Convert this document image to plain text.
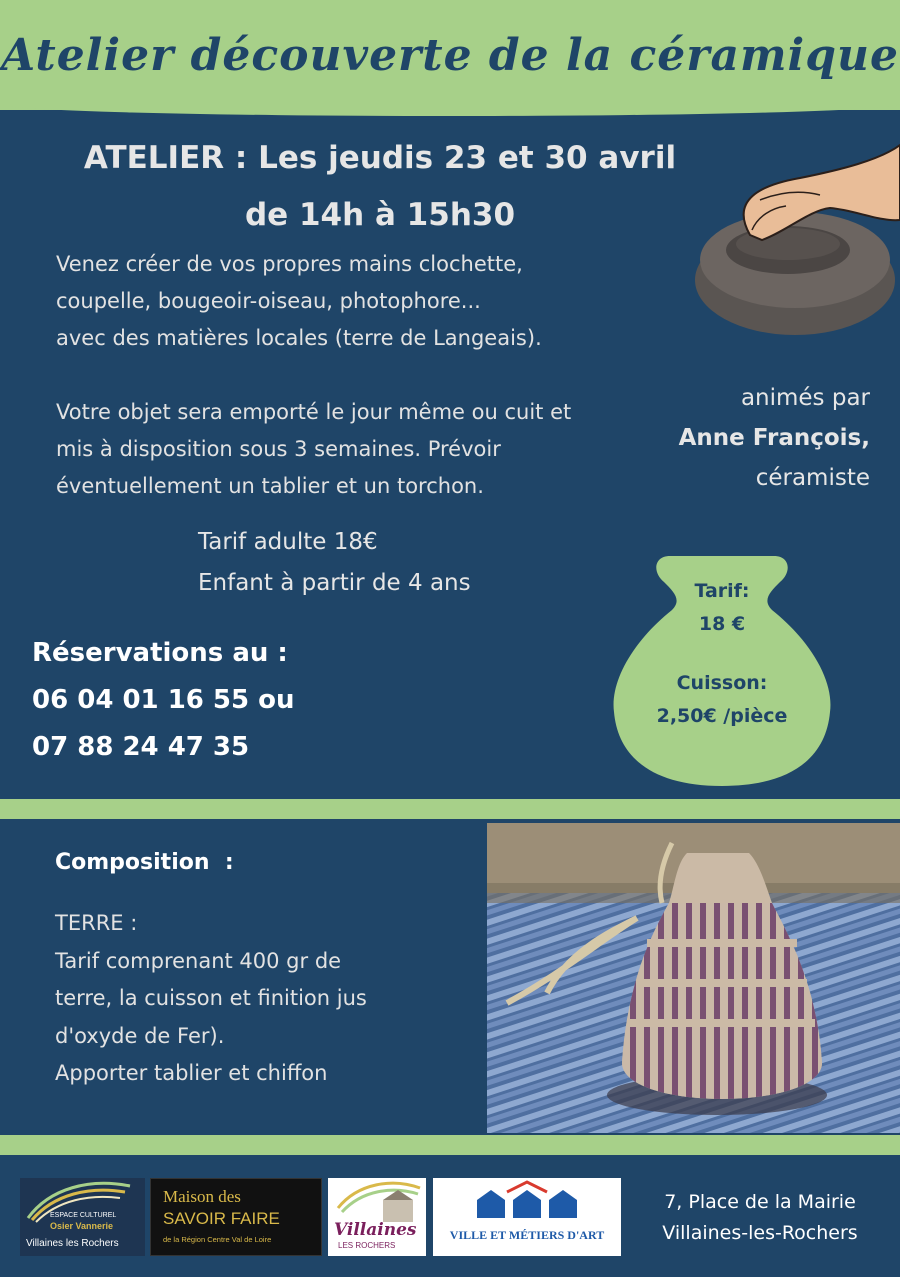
Atelier découverte de la céramique
ATELIER : Les jeudis 23 et 30 avril
de 14h à 15h30
Venez créer de vos propres mains clochette,
coupelle, bougeoir-oiseau, photophore...
avec des matières locales (terre de Langeais).
Votre objet sera emporté le jour même ou cuit et
mis à disposition sous 3 semaines. Prévoir
éventuellement un tablier et un torchon.
animés par
Anne François,
céramiste
Tarif adulte 18€
Enfant à partir de 4 ans
Réservations au :
06 04 01 16 55 ou
07 88 24 47 35
Tarif:
18 €
Cuisson:
2,50€ /pièce
Composition  :
TERRE :
Tarif comprenant 400 gr de
terre, la cuisson et finition jus
d'oxyde de Fer).
Apporter tablier et chiffon
ESPACE CULTUREL
Osier Vannerie
Villaines les Rochers
Maison des
SAVOIR FAIRE
de la Région Centre Val de Loire	Villaines
LES ROCHERS
VILLE ET MÉTIERS D'ART
7, Place de la Mairie
Villaines-les-Rochers
